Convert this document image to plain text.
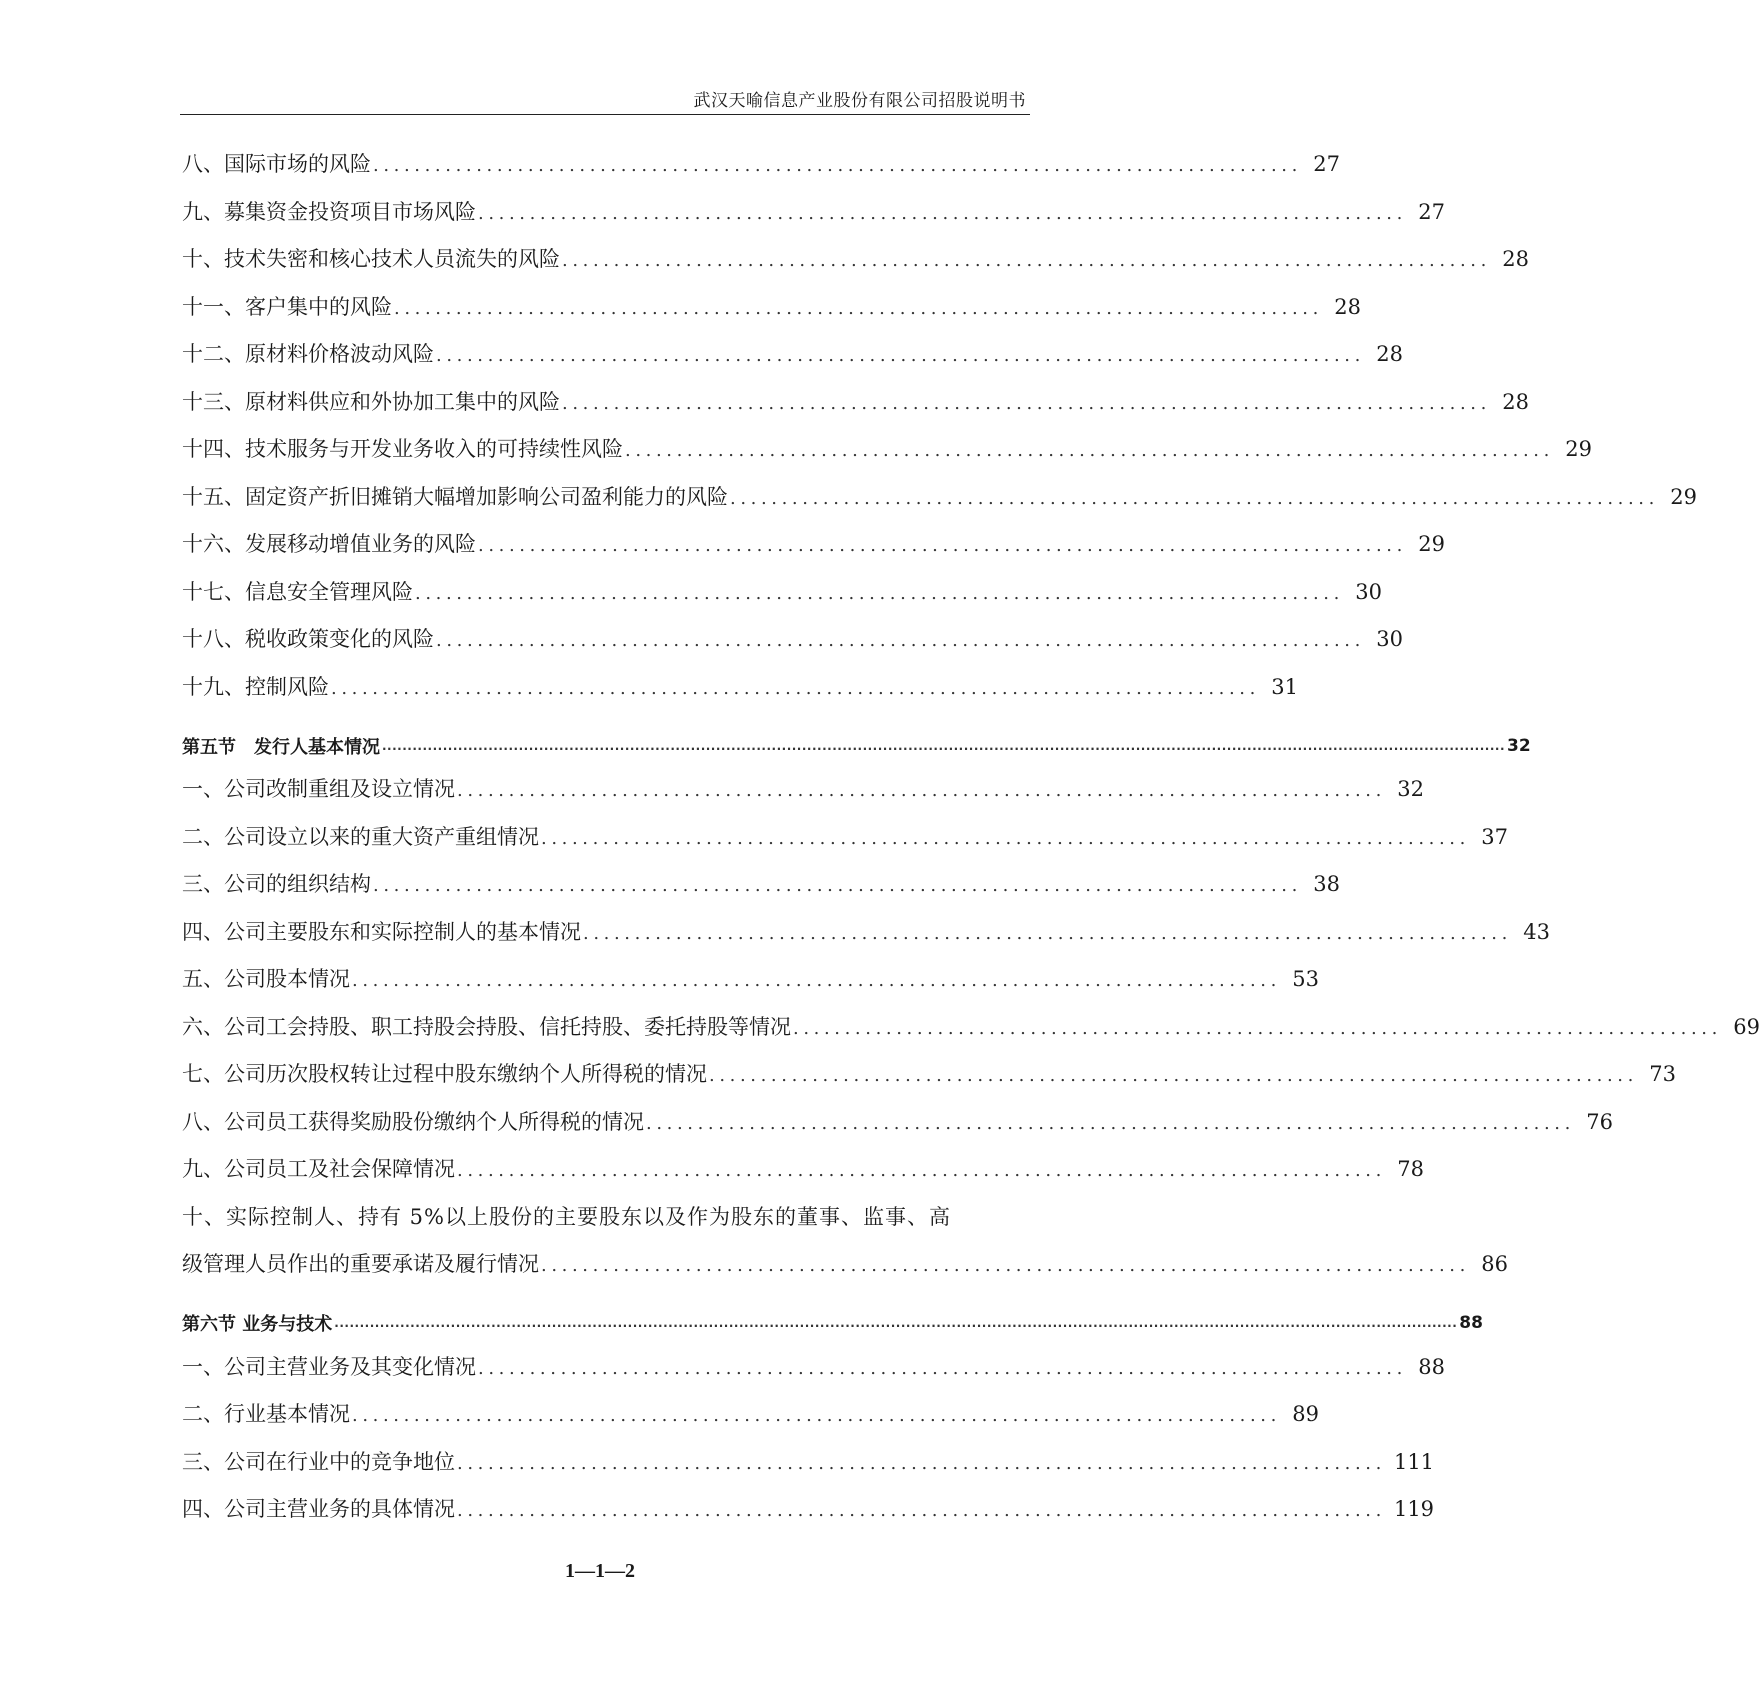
武汉天喻信息产业股份有限公司招股说明书
八、国际市场的风险 .......................................................................................... 27
九、募集资金投资项目市场风险 .......................................................................................... 27
十、技术失密和核心技术人员流失的风险 .......................................................................................... 28
十一、客户集中的风险 .......................................................................................... 28
十二、原材料价格波动风险 .......................................................................................... 28
十三、原材料供应和外协加工集中的风险 .......................................................................................... 28
十四、技术服务与开发业务收入的可持续性风险 .......................................................................................... 29
十五、固定资产折旧摊销大幅增加影响公司盈利能力的风险 .......................................................................................... 29
十六、发展移动增值业务的风险 .......................................................................................... 29
十七、信息安全管理风险 .......................................................................................... 30
十八、税收政策变化的风险 .......................................................................................... 30
十九、控制风险 .......................................................................................... 31
第五节　发行人基本情况 .............................................................................................................................................................................................................................. 32
一、公司改制重组及设立情况 .......................................................................................... 32
二、公司设立以来的重大资产重组情况 .......................................................................................... 37
三、公司的组织结构 .......................................................................................... 38
四、公司主要股东和实际控制人的基本情况 .......................................................................................... 43
五、公司股本情况 .......................................................................................... 53
六、公司工会持股、职工持股会持股、信托持股、委托持股等情况 .......................................................................................... 69
七、公司历次股权转让过程中股东缴纳个人所得税的情况 .......................................................................................... 73
八、公司员工获得奖励股份缴纳个人所得税的情况 .......................................................................................... 76
九、公司员工及社会保障情况 .......................................................................................... 78
十、实际控制人、持有 5%以上股份的主要股东以及作为股东的董事、监事、高
级管理人员作出的重要承诺及履行情况 .......................................................................................... 86
第六节 业务与技术 .............................................................................................................................................................................................................................. 88
一、公司主营业务及其变化情况 .......................................................................................... 88
二、行业基本情况 .......................................................................................... 89
三、公司在行业中的竞争地位 .......................................................................................... 111
四、公司主营业务的具体情况 .......................................................................................... 119
1—1—2
